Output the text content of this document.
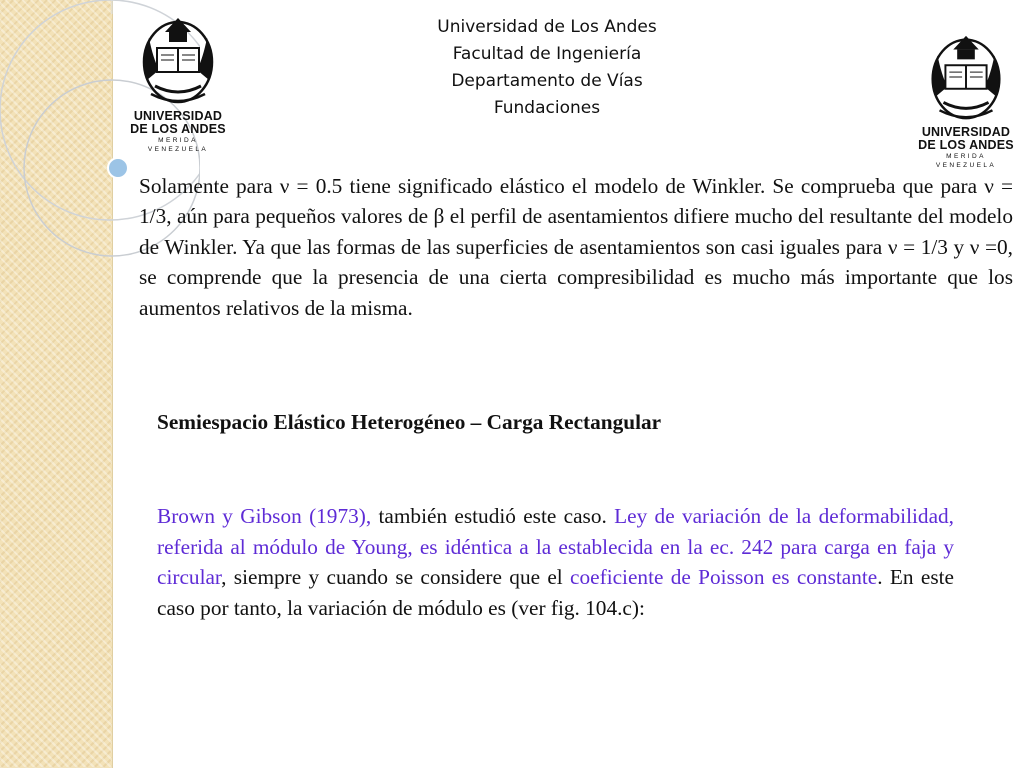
Universidad de Los Andes
Facultad de Ingeniería
Departamento de Vías
Fundaciones
UNIVERSIDAD
DE LOS ANDES
MERIDA VENEZUELA
UNIVERSIDAD
DE LOS ANDES
MERIDA VENEZUELA

Solamente para ν = 0.5 tiene significado elástico el modelo de Winkler. Se comprueba que para ν = 1/3, aún para pequeños valores de β el perfil de asentamientos difiere mucho del resultante del modelo de Winkler. Ya que las formas de las superficies de asentamientos son casi iguales para ν = 1/3 y ν =0, se comprende que la presencia de una cierta compresibilidad es mucho más importante que los aumentos relativos de la misma.

Semiespacio Elástico Heterogéneo – Carga Rectangular

Brown y Gibson (1973), también estudió este caso. Ley de variación de la deformabilidad, referida al módulo de Young, es idéntica a la establecida en la ec. 242 para carga en faja y circular, siempre y cuando se considere que el coeficiente de Poisson es constante. En este caso por tanto, la variación de módulo es (ver fig. 104.c):
